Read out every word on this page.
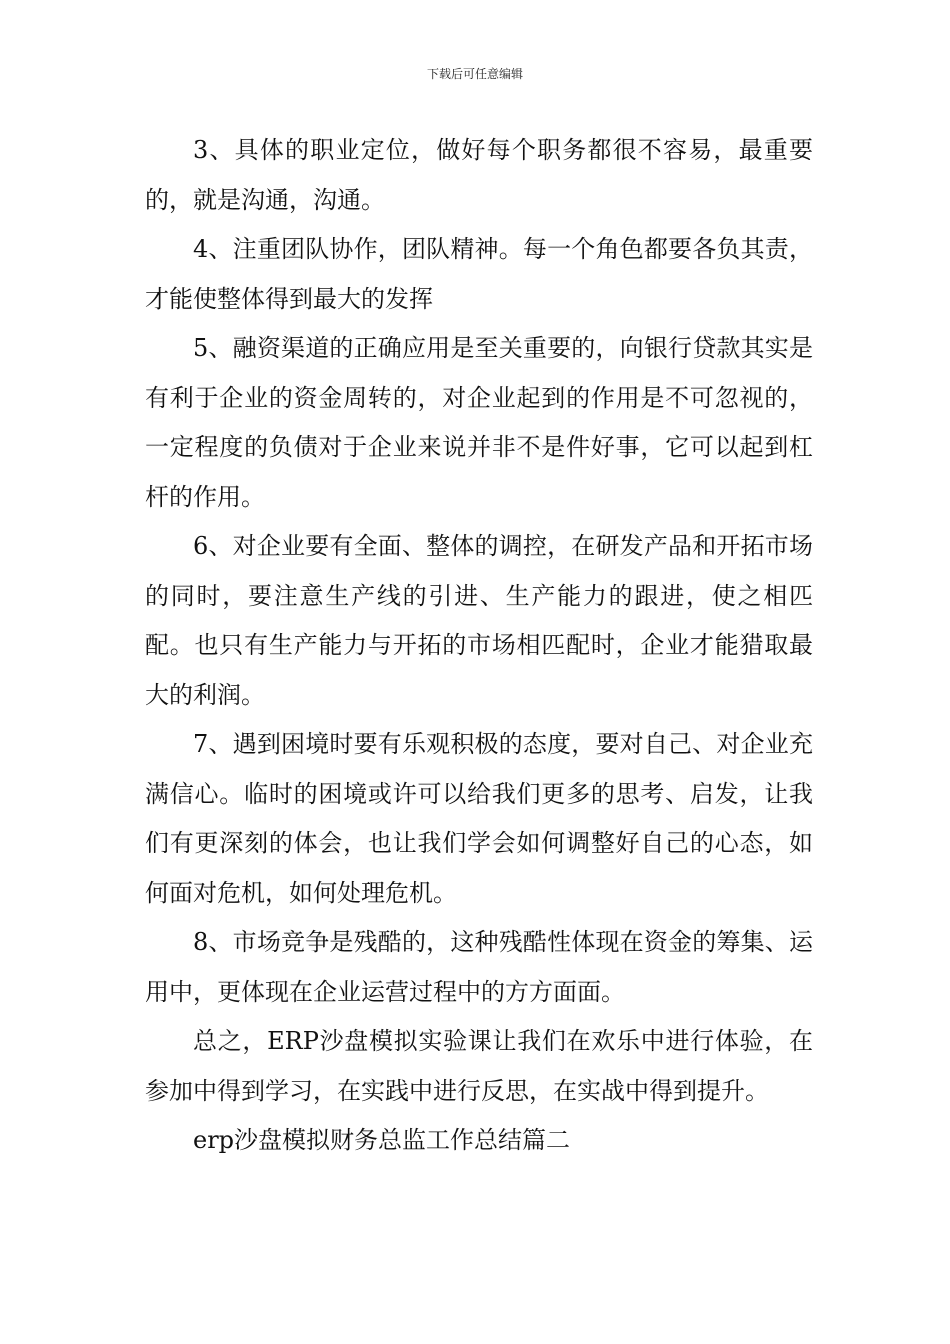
下载后可任意编辑

3、具体的职业定位，做好每个职务都很不容易，最重要的，就是沟通，沟通。

4、注重团队协作，团队精神。每一个角色都要各负其责，才能使整体得到最大的发挥

5、融资渠道的正确应用是至关重要的，向银行贷款其实是有利于企业的资金周转的，对企业起到的作用是不可忽视的，一定程度的负债对于企业来说并非不是件好事，它可以起到杠杆的作用。

6、对企业要有全面、整体的调控，在研发产品和开拓市场的同时，要注意生产线的引进、生产能力的跟进，使之相匹配。也只有生产能力与开拓的市场相匹配时，企业才能猎取最大的利润。

7、遇到困境时要有乐观积极的态度，要对自己、对企业充满信心。临时的困境或许可以给我们更多的思考、启发，让我们有更深刻的体会，也让我们学会如何调整好自己的心态，如何面对危机，如何处理危机。

8、市场竞争是残酷的，这种残酷性体现在资金的筹集、运用中，更体现在企业运营过程中的方方面面。

总之，ERP沙盘模拟实验课让我们在欢乐中进行体验，在参加中得到学习，在实践中进行反思，在实战中得到提升。

erp沙盘模拟财务总监工作总结篇二
